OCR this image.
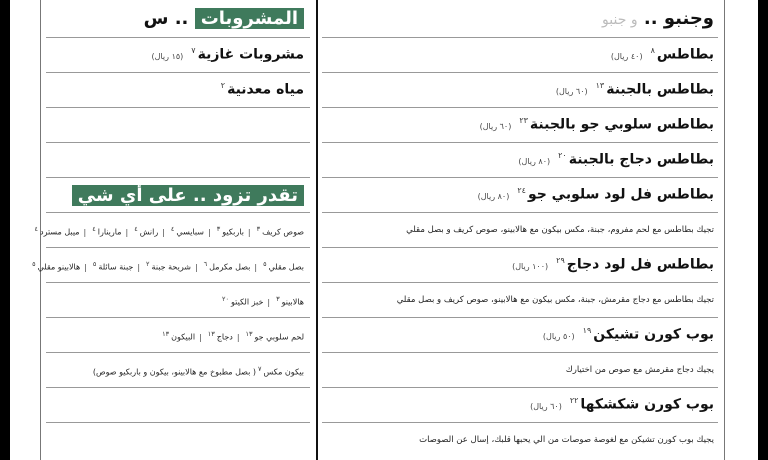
وجنبو .. و جنبو
بطاطس$^٨$(٤٠ ريال)
بطاطس بالجبنة$^{١٣}$(٦٠ ريال)
بطاطس سلوبي جو بالجبنة$^{٢٣}$(٦٠ ريال)
بطاطس دجاج بالجبنة$^{٢٠}$(٨٠ ريال)
بطاطس فل لود سلوبي جو$^{٢٤}$(٨٠ ريال)
تجيك بطاطس مع لحم مفروم، جبنة، مكس بيكون مع هالابينو، صوص كريف و بصل مقلي
بطاطس فل لود دجاج$^{٢٩}$(١٠٠ ريال)
تجيك بطاطس مع دجاج مقرمش، جبنة، مكس بيكون مع هالابينو، صوص كريف و بصل مقلي
بوب كورن تشيكن$^{١٩}$(٥٠ ريال)
يجيك دجاج مقرمش مع صوص من اختيارك
بوب كورن شكشكها$^{٢٢}$(٦٠ ريال)
يجيك بوب كورن تشيكن مع لغوصة صوصات من الي يحبها قلبك، إسال عن الصوصات
المشروبات .. س
مشروبات غازية$^٧$(١٥ ريال)
مياه معدنية$^٢$
تقدر تزود .. على أي شي
صوص كريف$^٣$|باربكيو$^٣$|سبايسي$^٤$|رانش$^٤$|مارينارا$^٤$|ميبل مسترد$^٤$
بصل مقلي$^٥$|بصل مكرمل$^٦$|شريحة جبنة$^٢$|جبنة سائلة$^٥$|هالابينو مقلي$^٥$
هالابينو$^٣$|خبز الكيتو$^{٢٠}$
لحم سلوبي جو$^{١٣}$|دجاج$^{١٣}$|البيكون$^{١٣}$
بيكون مكس$^٧$( بصل مطبوخ مع هالابينو، بيكون و باربكيو صوص)
